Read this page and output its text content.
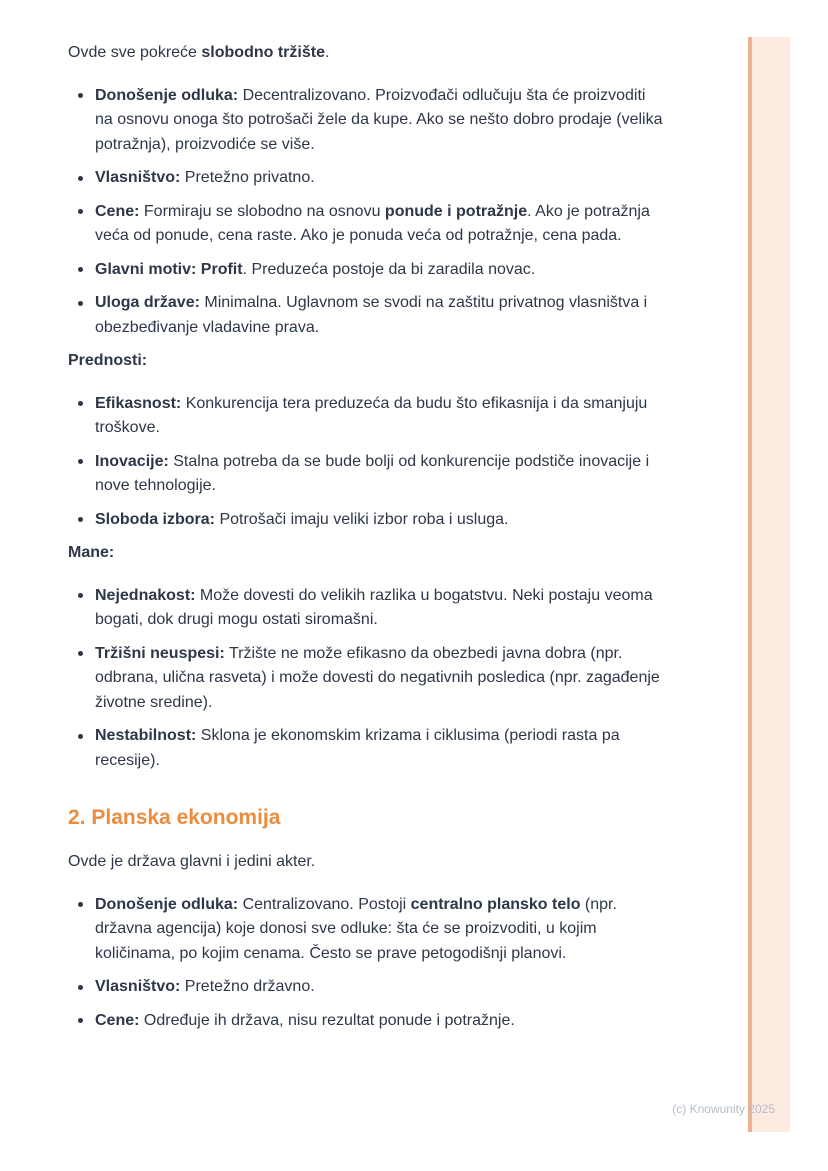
Ovde sve pokreće slobodno tržište.

Donošenje odluka: Decentralizovano. Proizvođači odlučuju šta će proizvoditi na osnovu onoga što potrošači žele da kupe. Ako se nešto dobro prodaje (velika potražnja), proizvodiće se više.
Vlasništvo: Pretežno privatno.
Cene: Formiraju se slobodno na osnovu ponude i potražnje. Ako je potražnja veća od ponude, cena raste. Ako je ponuda veća od potražnje, cena pada.
Glavni motiv: Profit. Preduzeća postoje da bi zaradila novac.
Uloga države: Minimalna. Uglavnom se svodi na zaštitu privatnog vlasništva i obezbeđivanje vladavine prava.

Prednosti:

Efikasnost: Konkurencija tera preduzeća da budu što efikasnija i da smanjuju troškove.
Inovacije: Stalna potreba da se bude bolji od konkurencije podstiče inovacije i nove tehnologije.
Sloboda izbora: Potrošači imaju veliki izbor roba i usluga.

Mane:

Nejednakost: Može dovesti do velikih razlika u bogatstvu. Neki postaju veoma bogati, dok drugi mogu ostati siromašni.
Tržišni neuspesi: Tržište ne može efikasno da obezbedi javna dobra (npr. odbrana, ulična rasveta) i može dovesti do negativnih posledica (npr. zagađenje životne sredine).
Nestabilnost: Sklona je ekonomskim krizama i ciklusima (periodi rasta pa recesije).
2. Planska ekonomija

Ovde je država glavni i jedini akter.

Donošenje odluka: Centralizovano. Postoji centralno plansko telo (npr. državna agencija) koje donosi sve odluke: šta će se proizvoditi, u kojim količinama, po kojim cenama. Često se prave petogodišnji planovi.
Vlasništvo: Pretežno državno.
Cene: Određuje ih država, nisu rezultat ponude i potražnje.
(c) Knowunity 2025
